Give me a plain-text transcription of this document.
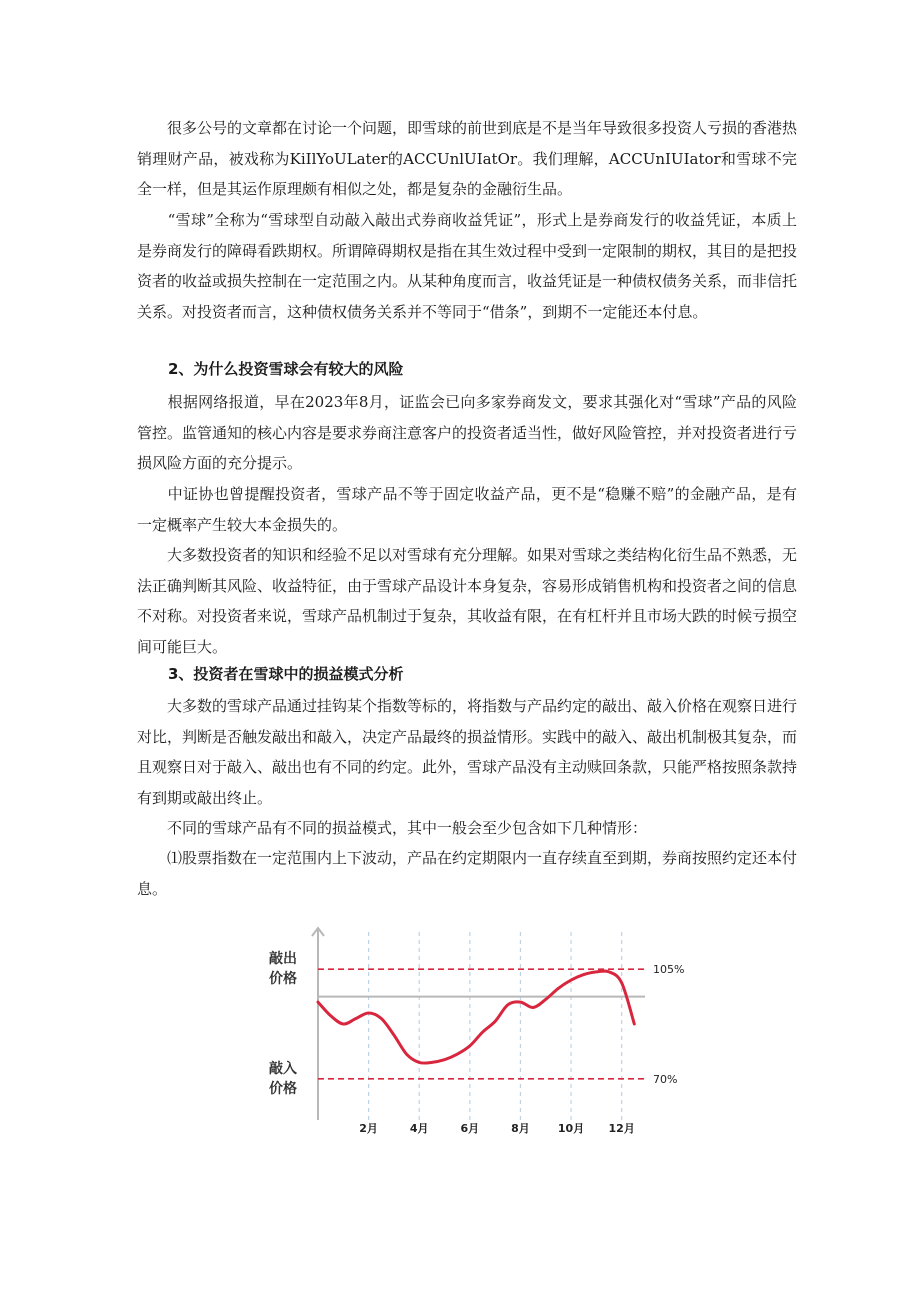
　　很多公号的文章都在讨论一个问题，即雪球的前世到底是不是当年导致很多投资人亏损的香港热销理财产品，被戏称为KiIlYoULater的ACCUnlUIatOr。我们理解，ACCUnIUIator和雪球不完全一样，但是其运作原理颇有相似之处，都是复杂的金融衍生品。

　　“雪球”全称为“雪球型自动敲入敲出式券商收益凭证”，形式上是券商发行的收益凭证，本质上是券商发行的障碍看跌期权。所谓障碍期权是指在其生效过程中受到一定限制的期权，其目的是把投资者的收益或损失控制在一定范围之内。从某种角度而言，收益凭证是一种债权债务关系，而非信托关系。对投资者而言，这种债权债务关系并不等同于“借条”，到期不一定能还本付息。

2、为什么投资雪球会有较大的风险

　　根据网络报道，早在2023年8月，证监会已向多家券商发文，要求其强化对“雪球”产品的风险管控。监管通知的核心内容是要求券商注意客户的投资者适当性，做好风险管控，并对投资者进行亏损风险方面的充分提示。

　　中证协也曾提醒投资者，雪球产品不等于固定收益产品，更不是“稳赚不赔”的金融产品，是有一定概率产生较大本金损失的。

　　大多数投资者的知识和经验不足以对雪球有充分理解。如果对雪球之类结构化衍生品不熟悉，无法正确判断其风险、收益特征，由于雪球产品设计本身复杂，容易形成销售机构和投资者之间的信息不对称。对投资者来说，雪球产品机制过于复杂，其收益有限，在有杠杆并且市场大跌的时候亏损空间可能巨大。

3、投资者在雪球中的损益模式分析

　　大多数的雪球产品通过挂钩某个指数等标的，将指数与产品约定的敲出、敲入价格在观察日进行对比，判断是否触发敲出和敲入，决定产品最终的损益情形。实践中的敲入、敲出机制极其复杂，而且观察日对于敲入、敲出也有不同的约定。此外，雪球产品没有主动赎回条款，只能严格按照条款持有到期或敲出终止。

　　不同的雪球产品有不同的损益模式，其中一般会至少包含如下几种情形：

　　⑴股票指数在一定范围内上下波动，产品在约定期限内一直存续直至到期，券商按照约定还本付息。

2月	4月	6月	8月	10月 12月
105%
70%
敲出
价格
敲入
价格
